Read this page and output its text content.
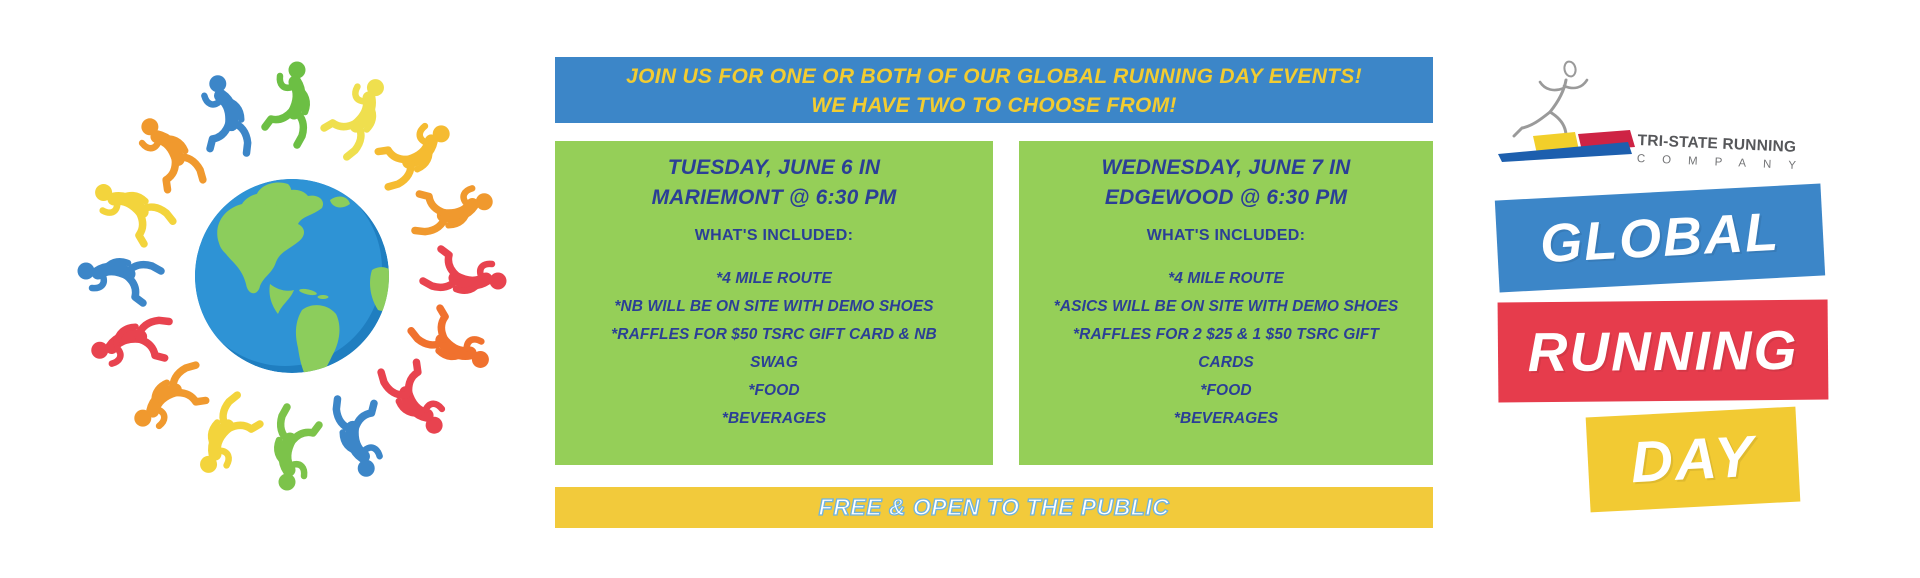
JOIN US FOR ONE OR BOTH OF OUR GLOBAL RUNNING DAY EVENTS!
WE HAVE TWO TO CHOOSE FROM!
TUESDAY, JUNE 6 IN
MARIEMONT @ 6:30 PM
WHAT'S INCLUDED:
*4 MILE ROUTE
*NB WILL BE ON SITE WITH DEMO SHOES
*RAFFLES FOR $50 TSRC GIFT CARD & NB SWAG
*FOOD
*BEVERAGES
WEDNESDAY, JUNE 7 IN
EDGEWOOD @ 6:30 PM
WHAT'S INCLUDED:
*4 MILE ROUTE
*ASICS WILL BE ON SITE WITH DEMO SHOES
*RAFFLES FOR 2 $25 & 1 $50 TSRC GIFT CARDS
*FOOD
*BEVERAGES
FREE & OPEN TO THE PUBLIC
TRI-STATE RUNNING
COMPANY
GLOBAL
RUNNING
DAY
